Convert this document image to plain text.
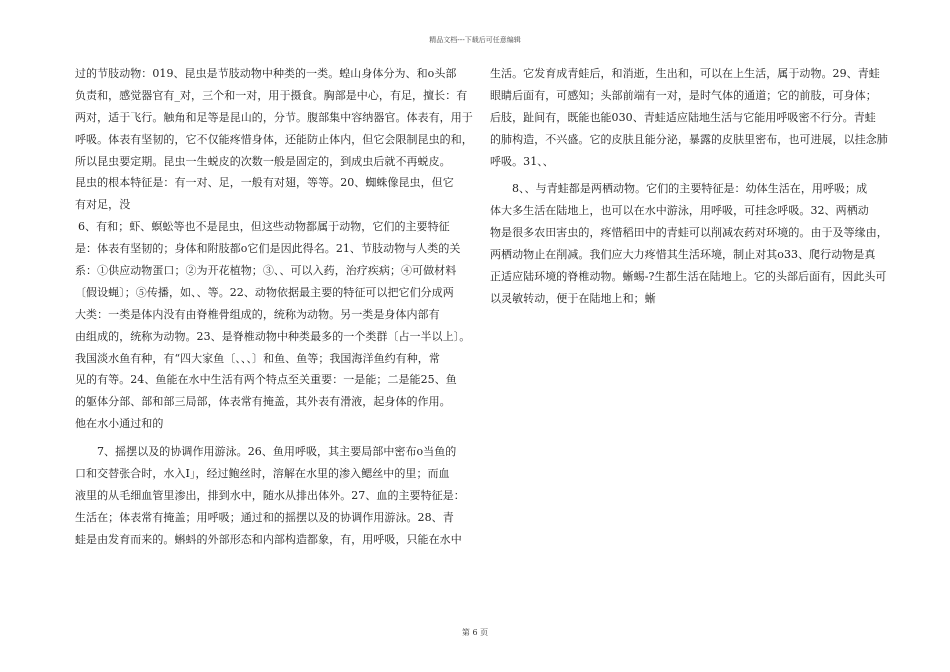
精品文档---下载后可任意编辑
过的节肢动物：019、昆虫是节肢动物中种类的一类。蝗山身体分为、和ο头部
负责和，感觉器官有_对，三个和一对，用于摄食。胸部是中心，有足，擅长：有
两对，适于飞行。触角和足等是昆山的，分节。腹部集中容纳器官。体表有，用于
呼吸。体表有坚韧的，它不仅能疼惜身体，还能防止体内，但它会限制昆虫的和，
所以昆虫要定期。昆虫一生蜕皮的次数一般是固定的，到成虫后就不再蜕皮。
昆虫的根本特征是：有一对、足，一般有对翅，等等。20、蜘蛛像昆虫，但它
有对足，没
6、有和；虾、螟蚣等也不是昆虫，但这些动物都属于动物，它们的主要特征
是：体表有坚韧的；身体和附肢都ο它们是因此得名。21、节肢动物与人类的关
系：①供应动物蛋口；②为开花植物；③、、可以入药，治疗疾病；④可做材料
〔假设蝇〕；⑤传播，如、、等。22、动物依据最主要的特征可以把它们分成两
大类：一类是体内没有由脊椎骨组成的，统称为动物。另一类是身体内部有
由组成的，统称为动物。23、是脊椎动物中种类最多的一个类群〔占一半以上〕。
我国淡水鱼有种，有“四大家鱼〔、、、〕和鱼、鱼等；我国海洋鱼约有种，常
见的有等。24、鱼能在水中生活有两个特点至关重要：一是能；二是能25、鱼
的躯体分部、部和部三局部，体表常有掩盖，其外表有滑液，起身体的作用。
他在水小通过和的
7、摇摆以及的协调作用游泳。26、鱼用呼吸，其主要局部中密布ο当鱼的
口和交替张合时，水入Ⅰ」，经过鲍丝时，溶解在水里的渗入鳃丝中的里；而血
液里的从毛细血管里渗出，排到水中，随水从排出体外。27、血的主要特征是：
生活在；体表常有掩盖；用呼吸；通过和的摇摆以及的协调作用游泳。28、青
蛙是由发育而来的。蝌蚪的外部形态和内部构造都象，有，用呼吸，只能在水中
生活。它发育成青蛙后，和消逝，生出和，可以在上生活，属于动物。29、青蛙
眼睛后面有，可感知；头部前端有一对，是时气体的通道；它的前肢，可身体；
后肢，趾间有，既能也能030、青蛙适应陆地生活与它能用呼吸密不行分。青蛙
的肺构造，不兴盛。它的皮肤且能分泌，暴露的皮肤里密布，也可进展，以挂念肺
呼吸。31、、
8、、与青蛙都是两栖动物。它们的主要特征是：幼体生活在，用呼吸；成
体大多生活在陆地上，也可以在水中游泳，用呼吸，可挂念呼吸。32、两栖动
物是很多农田害虫的，疼惜稻田中的青蛙可以削减农药对环境的。由于及等缘由，
两栖动物止在削减。我们应大力疼惜其生活环境，制止对其ο33、爬行动物是真
正适应陆环境的脊椎动物。蜥蜴-?生都生活在陆地上。它的头部后面有，因此头可
以灵敏转动，便于在陆地上和；蜥
第 6 页
